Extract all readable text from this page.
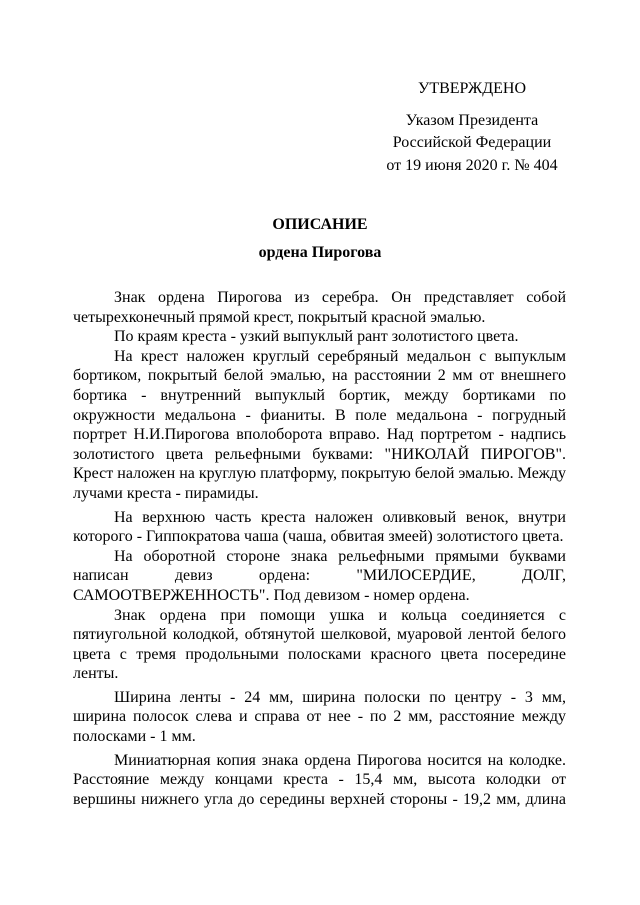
УТВЕРЖДЕНО
Указом Президента
Российской Федерации
от 19 июня 2020 г. № 404
ОПИСАНИЕ
ордена Пирогова

Знак ордена Пирогова из серебра. Он представляет собой четырехконечный прямой крест, покрытый красной эмалью.

По краям креста - узкий выпуклый рант золотистого цвета.

На крест наложен круглый серебряный медальон с выпуклым бортиком, покрытый белой эмалью, на расстоянии 2 мм от внешнего бортика - внутренний выпуклый бортик, между бортиками по окружности медальона - фианиты. В поле медальона - погрудный портрет Н.И.Пирогова вполоборота вправо. Над портретом - надпись золотистого цвета рельефными буквами: "НИКОЛАЙ ПИРОГОВ". Крест наложен на круглую платформу, покрытую белой эмалью. Между лучами креста - пирамиды.

На верхнюю часть креста наложен оливковый венок, внутри которого - Гиппократова чаша (чаша, обвитая змеей) золотистого цвета.

На оборотной стороне знака рельефными прямыми буквами написан девиз ордена: "МИЛОСЕРДИЕ, ДОЛГ, САМООТВЕРЖЕННОСТЬ". Под девизом - номер ордена.

Знак ордена при помощи ушка и кольца соединяется с пятиугольной колодкой, обтянутой шелковой, муаровой лентой белого цвета с тремя продольными полосками красного цвета посередине ленты.

Ширина ленты - 24 мм, ширина полоски по центру - 3 мм, ширина полосок слева и справа от нее - по 2 мм, расстояние между полосками - 1 мм.

Миниатюрная копия знака ордена Пирогова носится на колодке. Расстояние между концами креста - 15,4 мм, высота колодки от вершины нижнего угла до середины верхней стороны - 19,2 мм, длина
